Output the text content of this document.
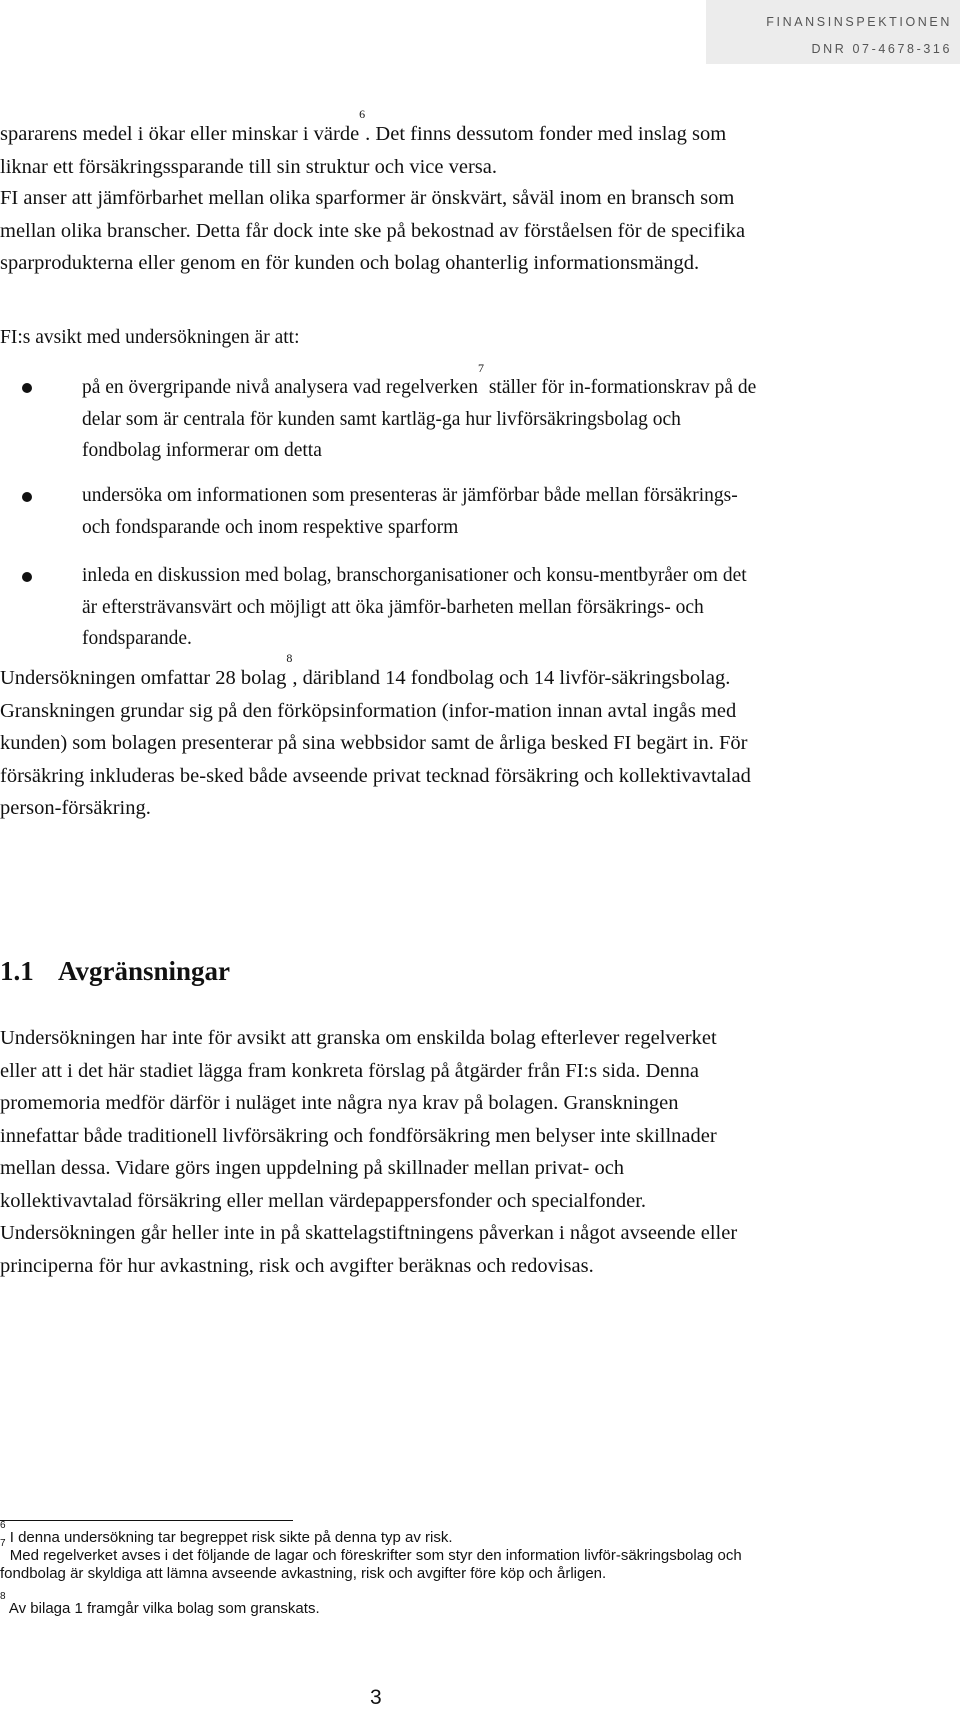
FINANSINSPEKTIONEN
DNR 07-4678-316

spararens medel i ökar eller minskar i värde$^6$. Det finns dessutom fonder med inslag som liknar ett försäkringssparande till sin struktur och vice versa.

FI anser att jämförbarhet mellan olika sparformer är önskvärt, såväl inom en bransch som mellan olika branscher. Detta får dock inte ske på bekostnad av förståelsen för de specifika sparprodukterna eller genom en för kunden och bolag ohanterlig informationsmängd.

FI:s avsikt med undersökningen är att:

på en övergripande nivå analysera vad regelverken$^7$ ställer för in-formationskrav på de delar som är centrala för kunden samt kartläg-ga hur livförsäkringsbolag och fondbolag informerar om detta

undersöka om informationen som presenteras är jämförbar både mellan försäkrings- och fondsparande och inom respektive sparform

inleda en diskussion med bolag, branschorganisationer och konsu-mentbyråer om det är eftersträvansvärt och möjligt att öka jämför-barheten mellan försäkrings- och fondsparande.

Undersökningen omfattar 28 bolag$^8$, däribland 14 fondbolag och 14 livför-säkringsbolag. Granskningen grundar sig på den förköpsinformation (infor-mation innan avtal ingås med kunden) som bolagen presenterar på sina webbsidor samt de årliga besked FI begärt in. För försäkring inkluderas be-sked både avseende privat tecknad försäkring och kollektivavtalad person-försäkring.

1.1 Avgränsningar

Undersökningen har inte för avsikt att granska om enskilda bolag efterlever regelverket eller att i det här stadiet lägga fram konkreta förslag på åtgärder från FI:s sida. Denna promemoria medför därför i nuläget inte några nya krav på bolagen. Granskningen innefattar både traditionell livförsäkring och fondförsäkring men belyser inte skillnader mellan dessa. Vidare görs ingen uppdelning på skillnader mellan privat- och kollektivavtalad försäkring eller mellan värdepappersfonder och specialfonder. Undersökningen går heller inte in på skattelagstiftningens påverkan i något avseende eller principerna för hur avkastning, risk och avgifter beräknas och redovisas.

$^6$ I denna undersökning tar begreppet risk sikte på denna typ av risk.

$^7$ Med regelverket avses i det följande de lagar och föreskrifter som styr den information livför-säkringsbolag och fondbolag är skyldiga att lämna avseende avkastning, risk och avgifter före köp och årligen.

$^8$ Av bilaga 1 framgår vilka bolag som granskats.

3
